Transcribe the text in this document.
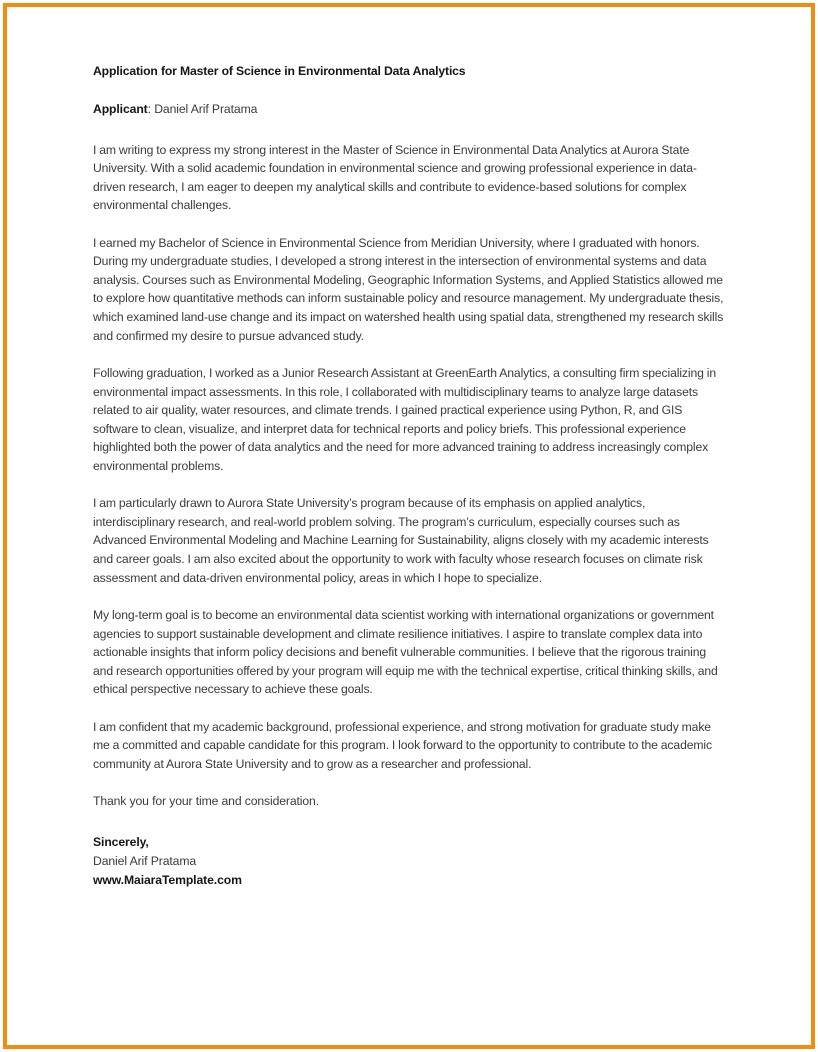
Application for Master of Science in Environmental Data Analytics
Applicant: Daniel Arif Pratama

I am writing to express my strong interest in the Master of Science in Environmental Data Analytics at Aurora State University. With a solid academic foundation in environmental science and growing professional experience in data-driven research, I am eager to deepen my analytical skills and contribute to evidence-based solutions for complex environmental challenges.

I earned my Bachelor of Science in Environmental Science from Meridian University, where I graduated with honors. During my undergraduate studies, I developed a strong interest in the intersection of environmental systems and data analysis. Courses such as Environmental Modeling, Geographic Information Systems, and Applied Statistics allowed me to explore how quantitative methods can inform sustainable policy and resource management. My undergraduate thesis, which examined land-use change and its impact on watershed health using spatial data, strengthened my research skills and confirmed my desire to pursue advanced study.

Following graduation, I worked as a Junior Research Assistant at GreenEarth Analytics, a consulting firm specializing in environmental impact assessments. In this role, I collaborated with multidisciplinary teams to analyze large datasets related to air quality, water resources, and climate trends. I gained practical experience using Python, R, and GIS software to clean, visualize, and interpret data for technical reports and policy briefs. This professional experience highlighted both the power of data analytics and the need for more advanced training to address increasingly complex environmental problems.

I am particularly drawn to Aurora State University’s program because of its emphasis on applied analytics, interdisciplinary research, and real-world problem solving. The program’s curriculum, especially courses such as Advanced Environmental Modeling and Machine Learning for Sustainability, aligns closely with my academic interests and career goals. I am also excited about the opportunity to work with faculty whose research focuses on climate risk assessment and data-driven environmental policy, areas in which I hope to specialize.

My long-term goal is to become an environmental data scientist working with international organizations or government agencies to support sustainable development and climate resilience initiatives. I aspire to translate complex data into actionable insights that inform policy decisions and benefit vulnerable communities. I believe that the rigorous training and research opportunities offered by your program will equip me with the technical expertise, critical thinking skills, and ethical perspective necessary to achieve these goals.

I am confident that my academic background, professional experience, and strong motivation for graduate study make me a committed and capable candidate for this program. I look forward to the opportunity to contribute to the academic community at Aurora State University and to grow as a researcher and professional.

Thank you for your time and consideration.
Sincerely,
Daniel Arif Pratama
www.MaiaraTemplate.com
